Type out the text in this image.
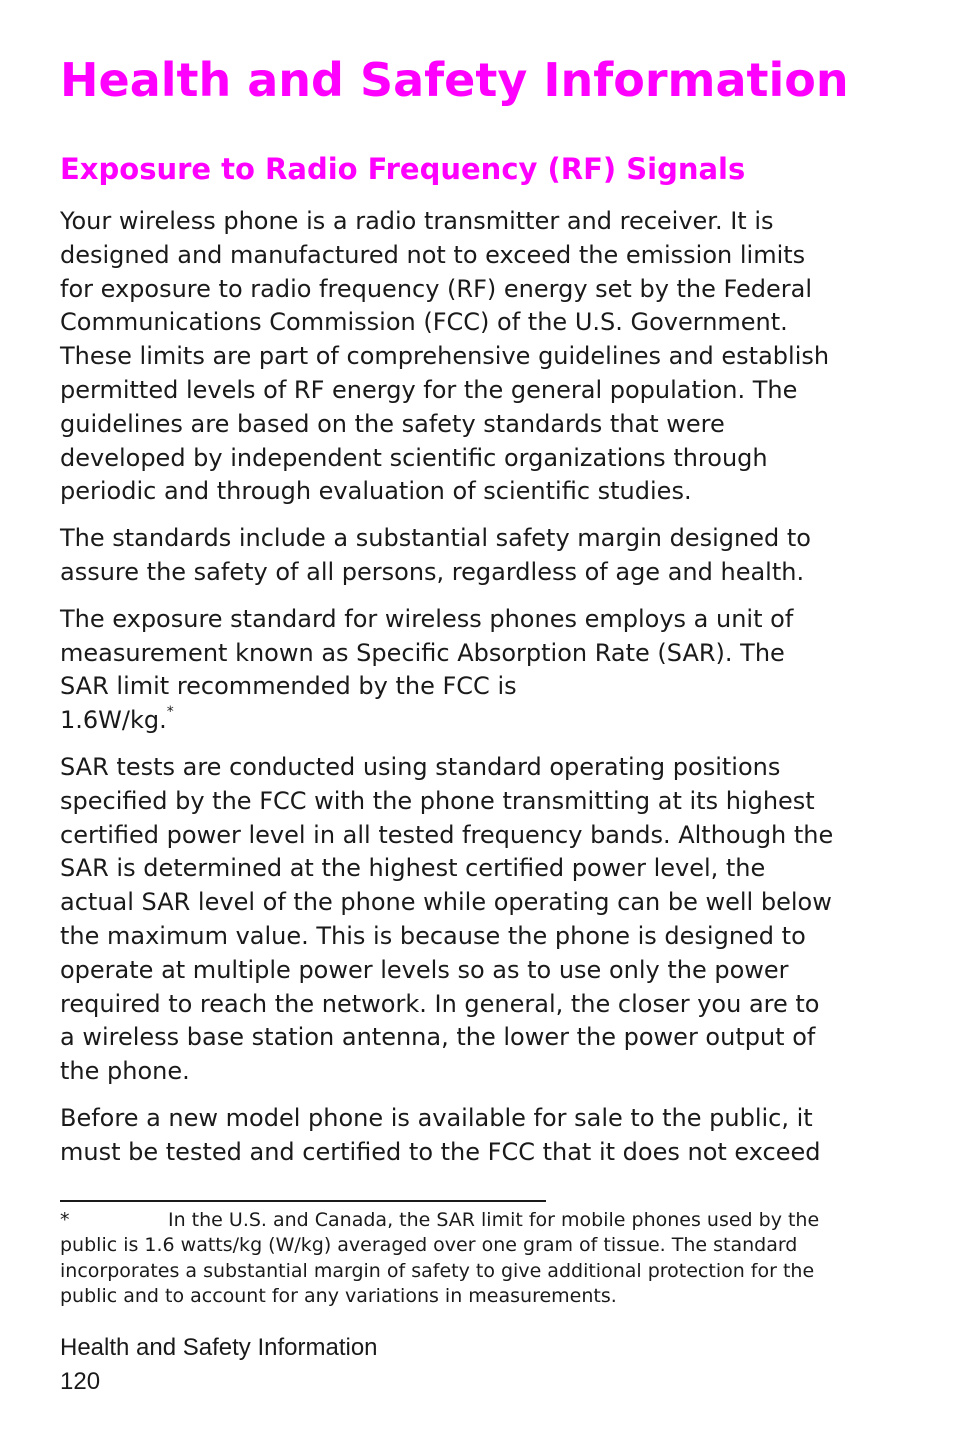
Health and Safety Information
Exposure to Radio Frequency (RF) Signals

Your wireless phone is a radio transmitter and receiver. It is
designed and manufactured not to exceed the emission limits
for exposure to radio frequency (RF) energy set by the Federal
Communications Commission (FCC) of the U.S. Government.
These limits are part of comprehensive guidelines and establish
permitted levels of RF energy for the general population. The
guidelines are based on the safety standards that were
developed by independent scientific organizations through
periodic and through evaluation of scientific studies.

The standards include a substantial safety margin designed to
assure the safety of all persons, regardless of age and health.

The exposure standard for wireless phones employs a unit of
measurement known as Specific Absorption Rate (SAR). The
SAR limit recommended by the FCC is
1.6W/kg.*

SAR tests are conducted using standard operating positions
specified by the FCC with the phone transmitting at its highest
certified power level in all tested frequency bands. Although the
SAR is determined at the highest certified power level, the
actual SAR level of the phone while operating can be well below
the maximum value. This is because the phone is designed to
operate at multiple power levels so as to use only the power
required to reach the network. In general, the closer you are to
a wireless base station antenna, the lower the power output of
the phone.

Before a new model phone is available for sale to the public, it
must be tested and certified to the FCC that it does not exceed

*	In the U.S. and Canada, the SAR limit for mobile phones used by the
public is 1.6 watts/kg (W/kg) averaged over one gram of tissue. The standard
incorporates a substantial margin of safety to give additional protection for the
public and to account for any variations in measurements.
Health and Safety Information
120
